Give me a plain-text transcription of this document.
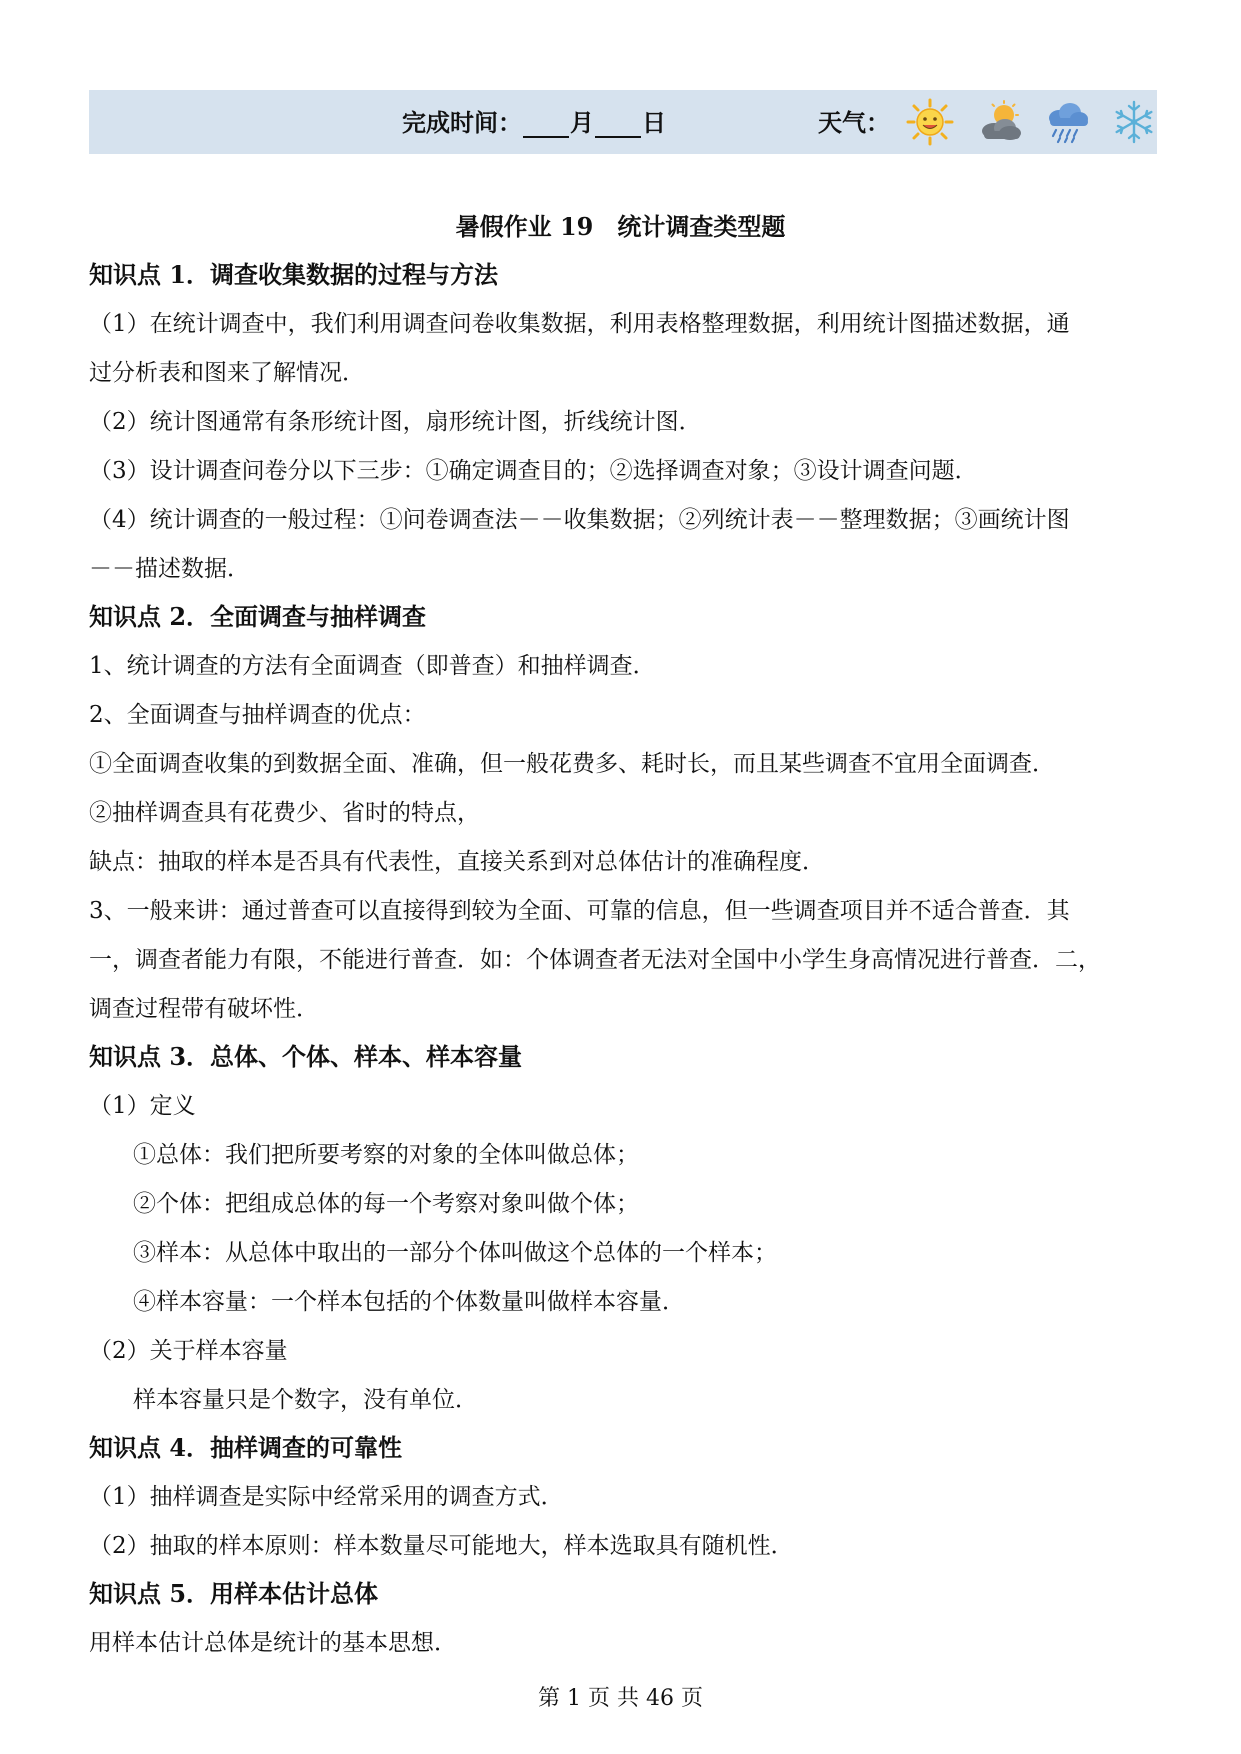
完成时间： 月 日	天气：
暑假作业 19　统计调查类型题
知识点 1．调查收集数据的过程与方法
（1）在统计调查中，我们利用调查问卷收集数据，利用表格整理数据，利用统计图描述数据，通
过分析表和图来了解情况．
（2）统计图通常有条形统计图，扇形统计图，折线统计图．
（3）设计调查问卷分以下三步：①确定调查目的；②选择调查对象；③设计调查问题．
（4）统计调查的一般过程：①问卷调查法－－收集数据；②列统计表－－整理数据；③画统计图
－－描述数据．
知识点 2．全面调查与抽样调查
1、统计调查的方法有全面调查（即普查）和抽样调查．
2、全面调查与抽样调查的优点：
①全面调查收集的到数据全面、准确，但一般花费多、耗时长，而且某些调查不宜用全面调查．
②抽样调查具有花费少、省时的特点，
缺点：抽取的样本是否具有代表性，直接关系到对总体估计的准确程度．
3、一般来讲：通过普查可以直接得到较为全面、可靠的信息，但一些调查项目并不适合普查．其
一，调查者能力有限，不能进行普查．如：个体调查者无法对全国中小学生身高情况进行普查．二，
调查过程带有破坏性．
知识点 3．总体、个体、样本、样本容量
（1）定义
①总体：我们把所要考察的对象的全体叫做总体；
②个体：把组成总体的每一个考察对象叫做个体；
③样本：从总体中取出的一部分个体叫做这个总体的一个样本；
④样本容量：一个样本包括的个体数量叫做样本容量．
（2）关于样本容量
样本容量只是个数字，没有单位．
知识点 4．抽样调查的可靠性
（1）抽样调查是实际中经常采用的调查方式．
（2）抽取的样本原则：样本数量尽可能地大，样本选取具有随机性．
知识点 5．用样本估计总体
用样本估计总体是统计的基本思想．
第 1 页 共 46 页
